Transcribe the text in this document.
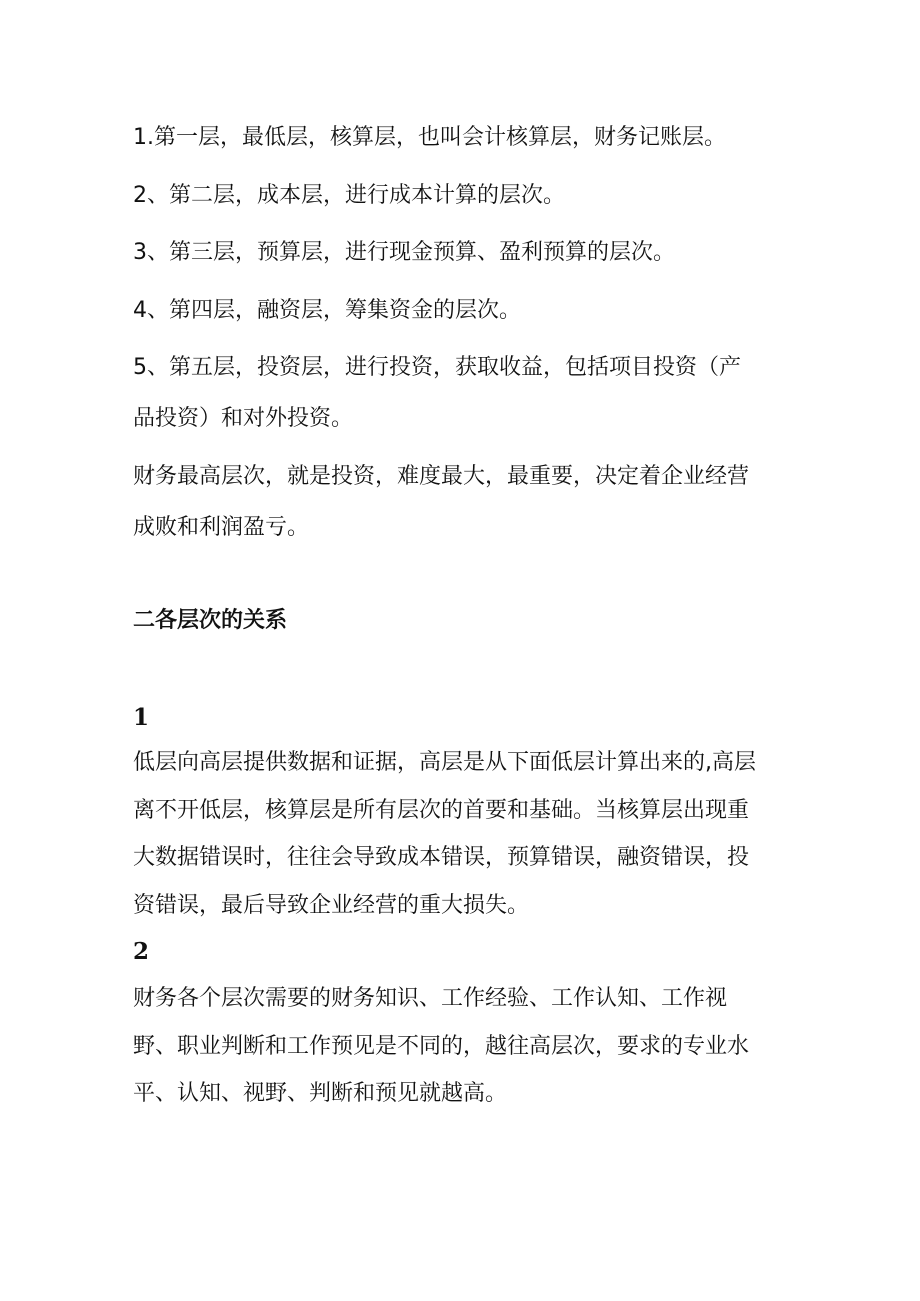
1.第一层，最低层，核算层，也叫会计核算层，财务记账层。
2、第二层，成本层，进行成本计算的层次。
3、第三层，预算层，进行现金预算、盈利预算的层次。
4、第四层，融资层，筹集资金的层次。
5、第五层，投资层，进行投资，获取收益，包括项目投资（产
品投资）和对外投资。
财务最高层次，就是投资，难度最大，最重要，决定着企业经营
成败和利润盈亏。
二各层次的关系
1
低层向高层提供数据和证据，高层是从下面低层计算出来的,高层
离不开低层，核算层是所有层次的首要和基础。当核算层出现重
大数据错误时，往往会导致成本错误，预算错误，融资错误，投
资错误，最后导致企业经营的重大损失。
2
财务各个层次需要的财务知识、工作经验、工作认知、工作视
野、职业判断和工作预见是不同的，越往高层次，要求的专业水
平、认知、视野、判断和预见就越高。
